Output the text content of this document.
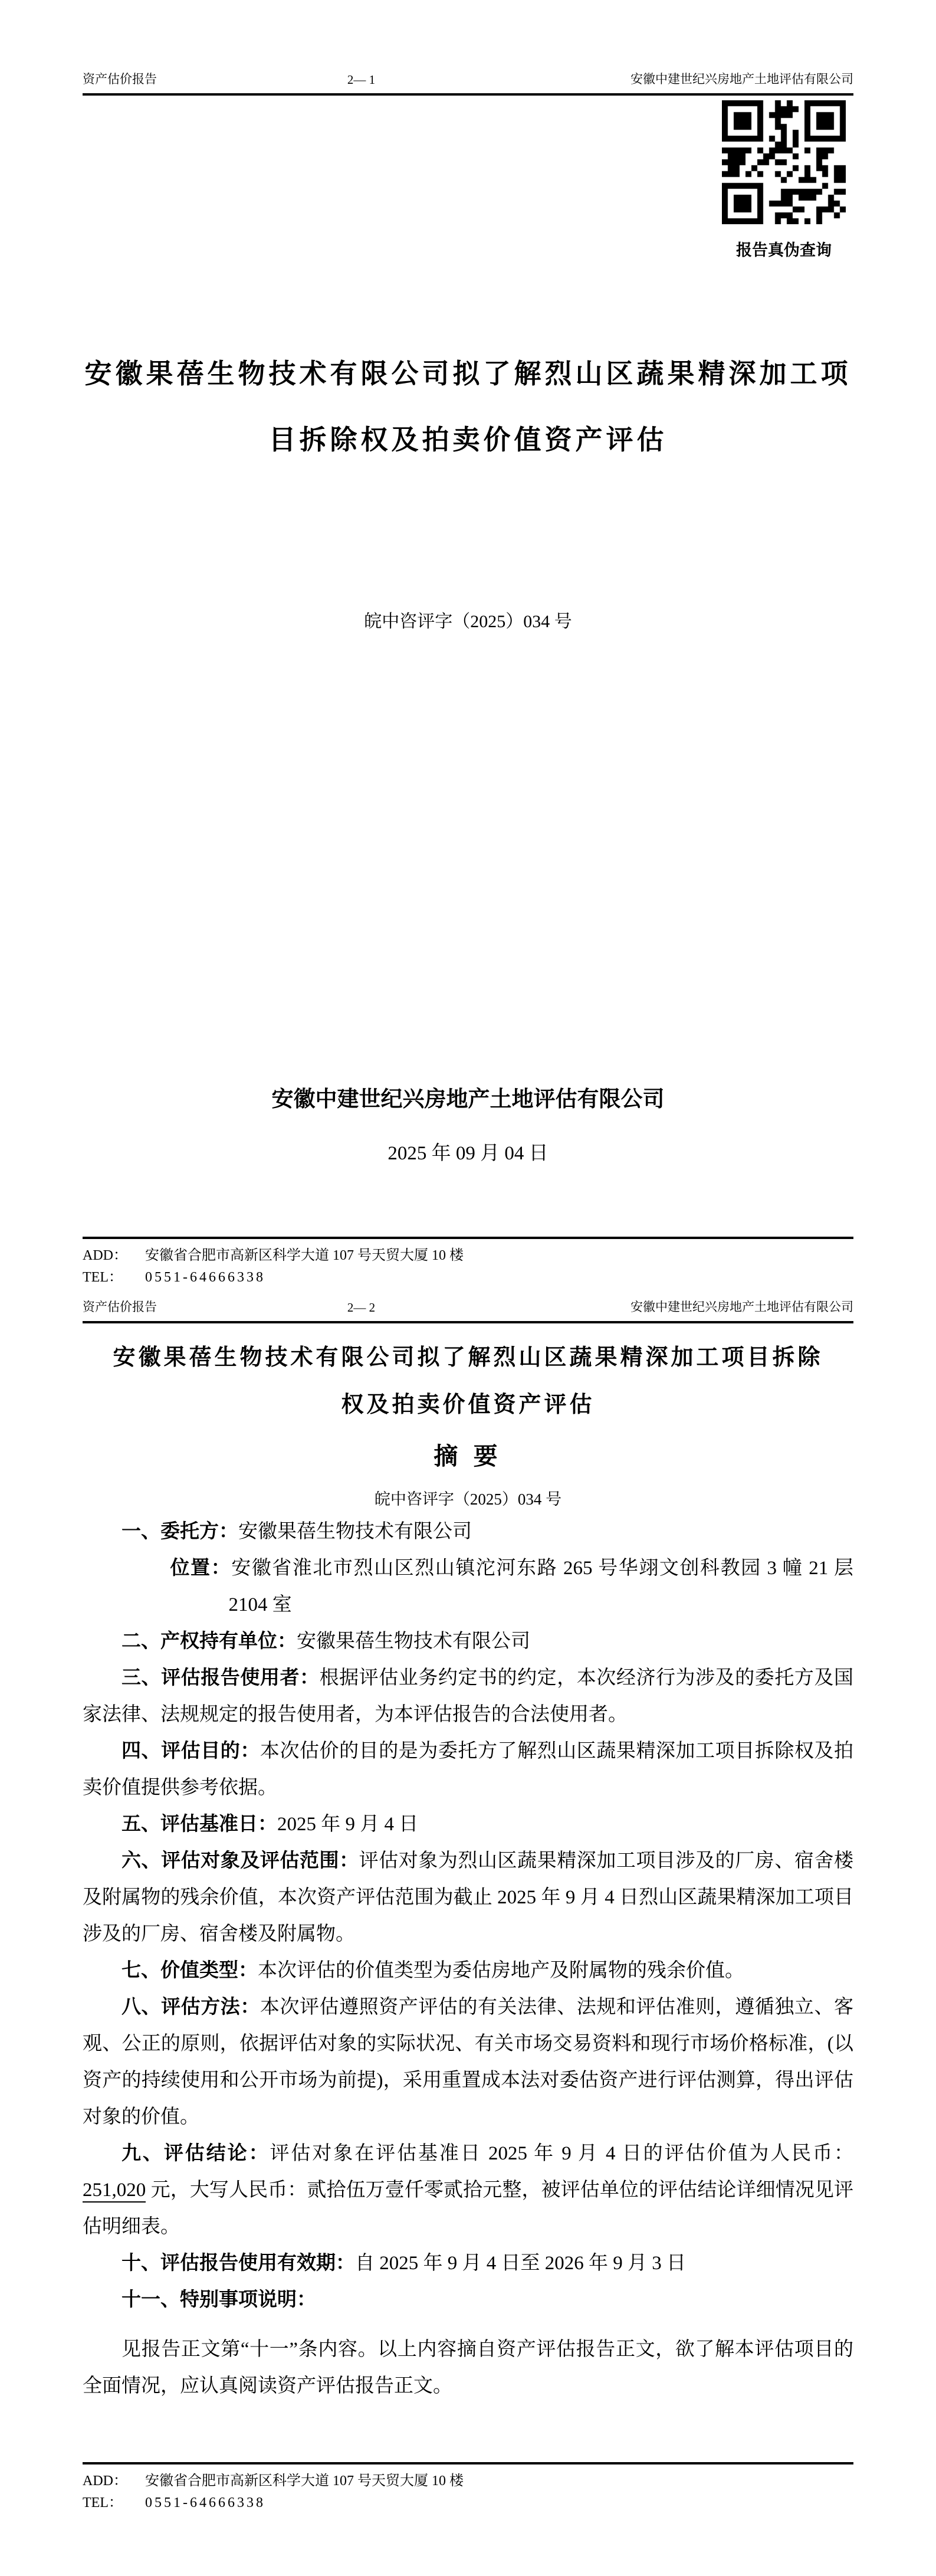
资产估价报告	2— 1	安徽中建世纪兴房地产土地评估有限公司
报告真伪查询
安徽果蓓生物技术有限公司拟了解烈山区蔬果精深加工项
目拆除权及拍卖价值资产评估
皖中咨评字（2025）034 号
安徽中建世纪兴房地产土地评估有限公司
2025 年 09 月 04 日
ADD： 安徽省合肥市高新区科学大道 107 号天贸大厦 10 楼
TEL： 0551-64666338
资产估价报告	2— 2	安徽中建世纪兴房地产土地评估有限公司
安徽果蓓生物技术有限公司拟了解烈山区蔬果精深加工项目拆除
权及拍卖价值资产评估
摘 要
皖中咨评字（2025）034 号

一、委托方：安徽果蓓生物技术有限公司

位置：安徽省淮北市烈山区烈山镇沱河东路 265 号华翊文创科教园 3 幢 21 层 2104 室

二、产权持有单位：安徽果蓓生物技术有限公司

三、评估报告使用者：根据评估业务约定书的约定，本次经济行为涉及的委托方及国家法律、法规规定的报告使用者，为本评估报告的合法使用者。

四、评估目的：本次估价的目的是为委托方了解烈山区蔬果精深加工项目拆除权及拍卖价值提供参考依据。

五、评估基准日：2025 年 9 月 4 日

六、评估对象及评估范围：评估对象为烈山区蔬果精深加工项目涉及的厂房、宿舍楼及附属物的残余价值，本次资产评估范围为截止 2025 年 9 月 4 日烈山区蔬果精深加工项目涉及的厂房、宿舍楼及附属物。

七、价值类型：本次评估的价值类型为委估房地产及附属物的残余价值。

八、评估方法：本次评估遵照资产评估的有关法律、法规和评估准则，遵循独立、客观、公正的原则，依据评估对象的实际状况、有关市场交易资料和现行市场价格标准，(以资产的持续使用和公开市场为前提)，采用重置成本法对委估资产进行评估测算，得出评估对象的价值。

九、评估结论：评估对象在评估基准日 2025 年 9 月 4 日的评估价值为人民币：251,020 元，大写人民币：贰拾伍万壹仟零贰拾元整，被评估单位的评估结论详细情况见评估明细表。

十、评估报告使用有效期：自 2025 年 9 月 4 日至 2026 年 9 月 3 日

十一、特别事项说明：

见报告正文第“十一”条内容。以上内容摘自资产评估报告正文，欲了解本评估项目的全面情况，应认真阅读资产评估报告正文。

ADD： 安徽省合肥市高新区科学大道 107 号天贸大厦 10 楼
TEL： 0551-64666338
